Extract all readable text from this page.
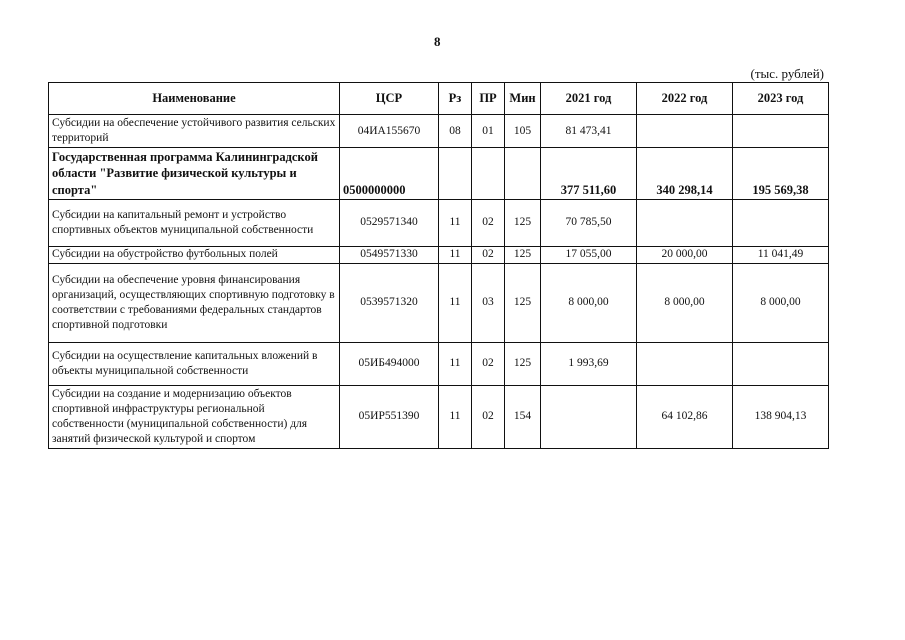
8
(тыс. рублей)
Наименование	ЦСР	Рз	ПР	Мин	2021 год	2022 год	2023 год
Субсидии на обеспечение устойчивого развития сельских территорий	04ИА155670	08	01	105	81 473,41		
Государственная программа Калининградской области "Развитие физической культуры и спорта"	0500000000				377 511,60	340 298,14	195 569,38
Субсидии на капитальный ремонт и устройство спортивных объектов муниципальной собственности	0529571340	11	02	125	70 785,50		
Субсидии на обустройство футбольных полей	0549571330	11	02	125	17 055,00	20 000,00	11 041,49
Субсидии на обеспечение уровня финансирования организаций, осуществляющих спортивную подготовку в соответствии с требованиями федеральных стандартов спортивной подготовки	0539571320	11	03	125	8 000,00	8 000,00	8 000,00
Субсидии на осуществление капитальных вложений в объекты муниципальной собственности	05ИБ494000	11	02	125	1 993,69		
Субсидии на создание и модернизацию объектов спортивной инфраструктуры региональной собственности (муниципальной собственности) для занятий физической культурой и спортом	05ИР551390	11	02	154		64 102,86	138 904,13
